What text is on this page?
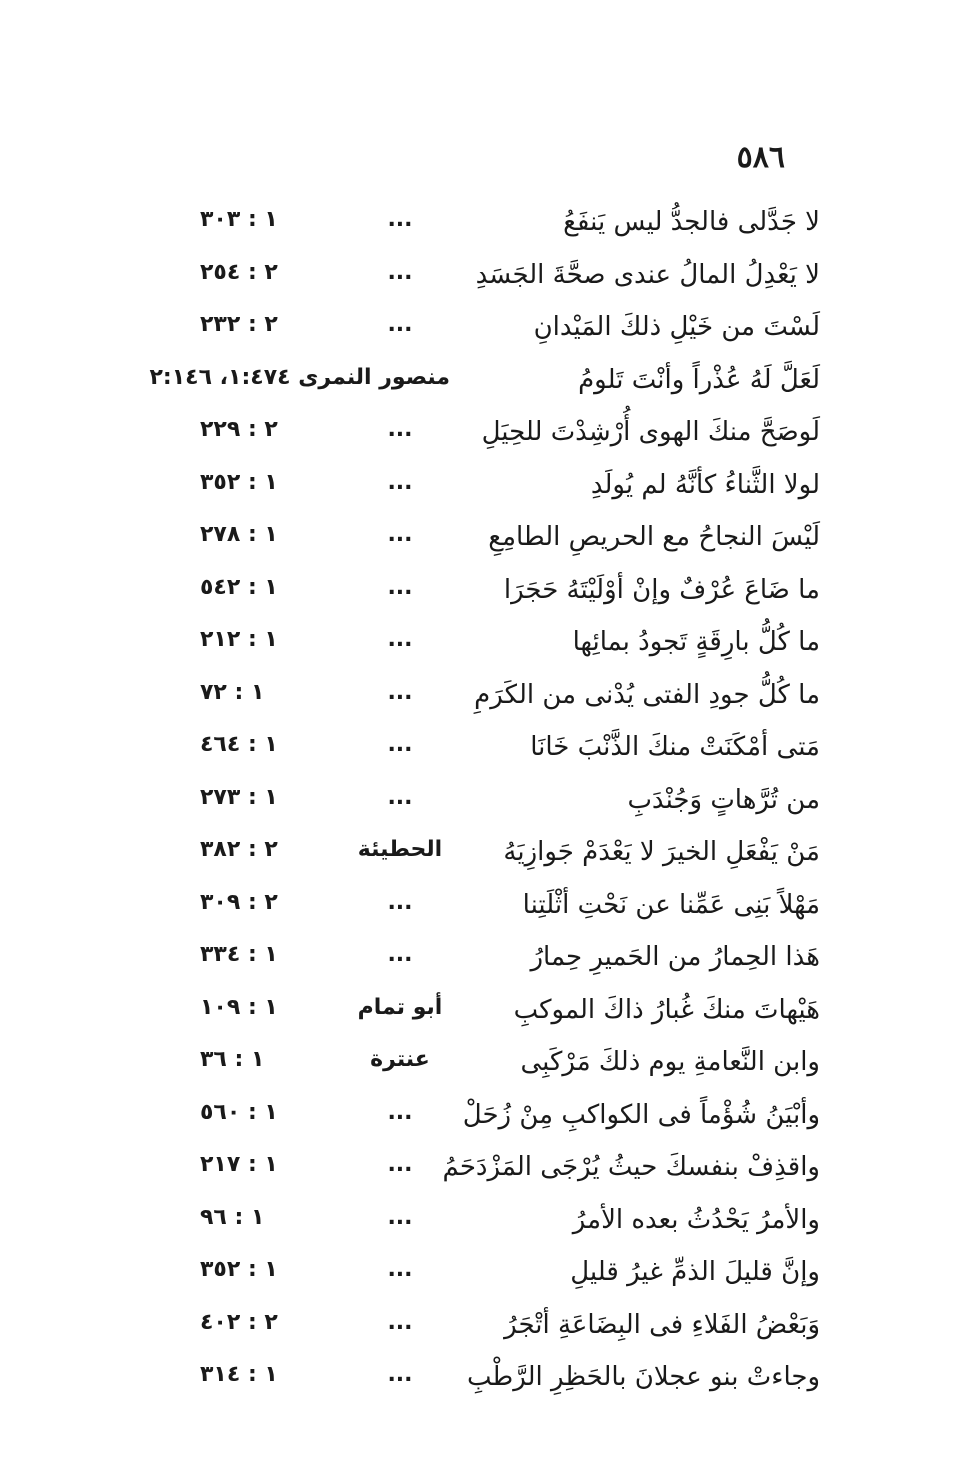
٥٨٦
لا جَدَّلى فالجدُّ ليس يَنفَعُ
...١ : ٣٠٣
لا يَعْدِلُ المالُ عندى صحَّةَ الجَسَدِ
...٢ : ٢٥٤
لَسْتَ من خَيْلِ ذلكَ المَيْدانِ
...٢ : ٢٣٢
لَعَلَّ لَهُ عُذْراً وأنْتَ تَلومُ
منصور النمرى ١:٤٧٤، ٢:١٤٦
لَوصَحَّ منكَ الهوى أُرْشِدْتَ للحِيَلِ
...٢ : ٢٢٩
لولا الثَّناءُ كأنَّهُ لم يُولَدِ
...١ : ٣٥٢
لَيْسَ النجاحُ مع الحريصِ الطامِعِ
...١ : ٢٧٨
ما ضَاعَ عُرْفٌ وإنْ أوْلَيْتَهُ حَجَرَا
...١ : ٥٤٢
ما كُلُّ بارِقَةٍ تَجودُ بمائِها
...١ : ٢١٢
ما كُلُّ جودِ الفتى يُدْنى من الكَرَمِ
...١ : ٧٢
مَتى أمْكَنَتْ منكَ الذَّنْبَ خَانَا
...١ : ٤٦٤
من تُرَّهاتٍ وَجُنْدَبِ
...١ : ٢٧٣
مَنْ يَفْعَلِ الخيرَ لا يَعْدَمْ جَوازِيَهُ
الحطيئة٢ : ٣٨٢
مَهْلاً بَنِى عَمِّنا عن نَحْتِ أثْلَتِنا
...٢ : ٣٠٩
هَذا الحِمارُ من الحَميرِ حِمارُ
...١ : ٣٣٤
هَيْهاتَ منكَ غُبارُ ذاكَ الموكبِ
أبو تمام١ : ١٠٩
وابن النَّعامةِ يوم ذلكَ مَرْكَبِى
عنترة١ : ٣٦
وأبْيَنُ شُؤْماً فى الكواكبِ مِنْ زُحَلْ
...١ : ٥٦٠
واقذِفْ بنفسكَ حيثُ يُرْجَى المَزْدَحَمُ
...١ : ٢١٧
والأمرُ يَحْدُثُ بعده الأمرُ
...١ : ٩٦
وإنَّ قليلَ الذمِّ غيرُ قليلِ
...١ : ٣٥٢
وَبَعْضُ الفَلاءِ فى البِضَاعَةِ أتْجَرُ
...٢ : ٤٠٢
وجاءتْ بنو عجلانَ بالحَظِرِ الرَّطْبِ
...١ : ٣١٤
